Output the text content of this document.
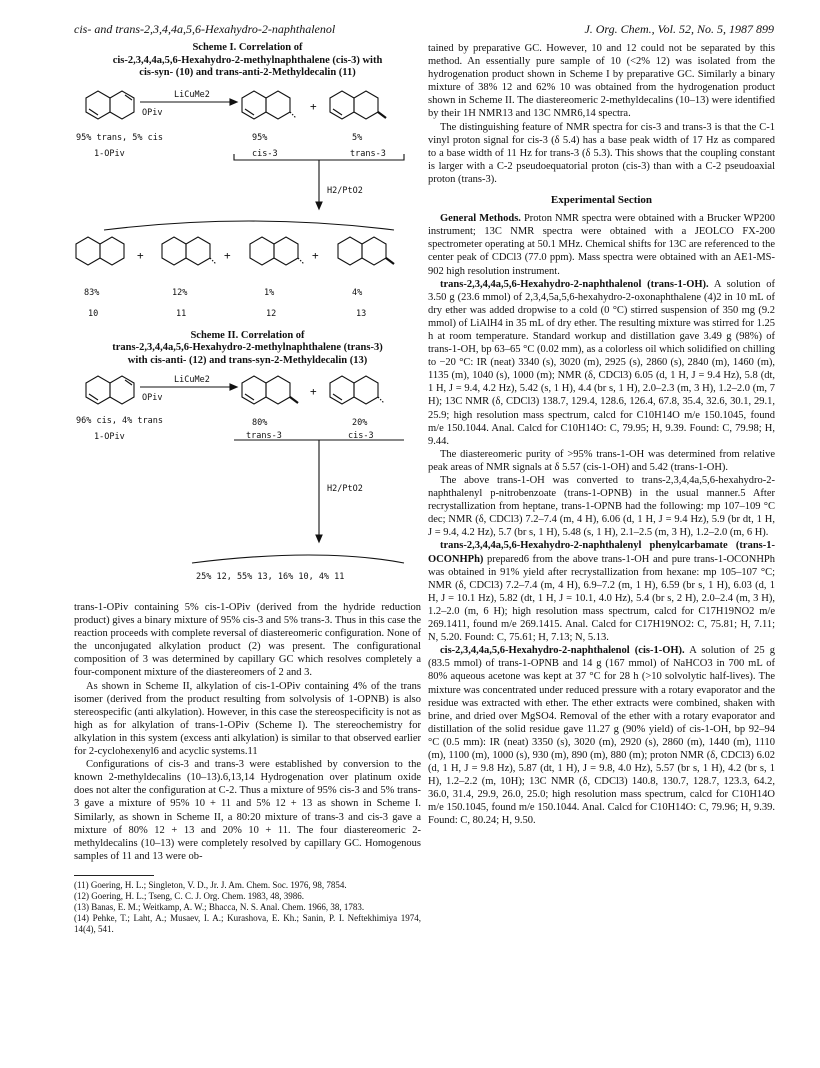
cis- and trans-2,3,4,4a,5,6-Hexahydro-2-naphthalenol	J. Org. Chem., Vol. 52, No. 5, 1987 899
Scheme I. Correlation of
cis-2,3,4,4a,5,6-Hexahydro-2-methylnaphthalene (cis-3) with
cis-syn- (10) and trans-anti-2-Methyldecalin (11)
LiCuMe2
OPiv	+
95% trans, 5% cis
1-OPiv
95%	5%
cis-3	trans-3
H2/PtO2
+	+	+
83%	12%	1%	4%
10	11	12	13
Scheme II. Correlation of
trans-2,3,4,4a,5,6-Hexahydro-2-methylnaphthalene (trans-3)
with cis-anti- (12) and trans-syn-2-Methyldecalin (13)
LiCuMe2
OPiv	+
96% cis, 4% trans
1-OPiv
80%	20%
trans-3	cis-3
H2/PtO2
25% 12, 55% 13, 16% 10, 4% 11

trans-1-OPiv containing 5% cis-1-OPiv (derived from the hydride reduction product) gives a binary mixture of 95% cis-3 and 5% trans-3. Thus in this case the reaction proceeds with complete reversal of diastereomeric configuration. None of the unconjugated alkylation product (2) was present. The configurational composition of 3 was determined by capillary GC which resolves completely a four-component mixture of the diastereomers of 2 and 3.

As shown in Scheme II, alkylation of cis-1-OPiv containing 4% of the trans isomer (derived from the product resulting from solvolysis of 1-OPNB) is also stereospecific (anti alkylation). However, in this case the stereospecificity is not as high as for alkylation of trans-1-OPiv (Scheme I). The stereochemistry for alkylation in this system (excess anti alkylation) is similar to that observed earlier for 2-cyclohexenyl6 and acyclic systems.11

Configurations of cis-3 and trans-3 were established by conversion to the known 2-methyldecalins (10–13).6,13,14 Hydrogenation over platinum oxide does not alter the configuration at C-2. Thus a mixture of 95% cis-3 and 5% trans-3 gave a mixture of 95% 10 + 11 and 5% 12 + 13 as shown in Scheme I. Similarly, as shown in Scheme II, a 80:20 mixture of trans-3 and cis-3 gave a mixture of 80% 12 + 13 and 20% 10 + 11. The four diastereomeric 2-methyldecalins (10–13) were completely resolved by capillary GC. Homogenous samples of 11 and 13 were ob-

(11) Goering, H. L.; Singleton, V. D., Jr. J. Am. Chem. Soc. 1976, 98, 7854.

(12) Goering, H. L.; Tseng, C. C. J. Org. Chem. 1983, 48, 3986.

(13) Banas, E. M.; Weitkamp, A. W.; Bhacca, N. S. Anal. Chem. 1966, 38, 1783.

(14) Pehke, T.; Laht, A.; Musaev, I. A.; Kurashova, E. Kh.; Sanin, P. I. Neftekhimiya 1974, 14(4), 541.

tained by preparative GC. However, 10 and 12 could not be separated by this method. An essentially pure sample of 10 (<2% 12) was isolated from the hydrogenation product shown in Scheme I by preparative GC. Similarly a binary mixture of 38% 12 and 62% 10 was obtained from the hydrogenation product shown in Scheme II. The diastereomeric 2-methyldecalins (10–13) were identified by their 1H NMR13 and 13C NMR6,14 spectra.

The distinguishing feature of NMR spectra for cis-3 and trans-3 is that the C-1 vinyl proton signal for cis-3 (δ 5.4) has a base peak width of 17 Hz as compared to a base width of 11 Hz for trans-3 (δ 5.3). This shows that the coupling constant is larger with a C-2 pseudoequatorial proton (cis-3) than with a C-2 pseudoaxial proton (trans-3).

Experimental Section

General Methods. Proton NMR spectra were obtained with a Brucker WP200 instrument; 13C NMR spectra were obtained with a JEOLCO FX-200 spectrometer operating at 50.1 MHz. Chemical shifts for 13C are referenced to the center peak of CDCl3 (77.0 ppm). Mass spectra were obtained with an AE1-MS-902 high resolution instrument.

trans-2,3,4,4a,5,6-Hexahydro-2-naphthalenol (trans-1-OH). A solution of 3.50 g (23.6 mmol) of 2,3,4,5a,5,6-hexahydro-2-oxonaphthalene (4)2 in 10 mL of dry ether was added dropwise to a cold (0 °C) stirred suspension of 350 mg (9.2 mmol) of LiAlH4 in 35 mL of dry ether. The resulting mixture was stirred for 1.25 h at room temperature. Standard workup and distillation gave 3.49 g (98%) of trans-1-OH, bp 63–65 °C (0.02 mm), as a colorless oil which solidified on chilling to −20 °C: IR (neat) 3340 (s), 3020 (m), 2925 (s), 2860 (s), 2840 (m), 1460 (m), 1135 (m), 1040 (s), 1000 (m); NMR (δ, CDCl3) 6.05 (d, 1 H, J = 9.4 Hz), 5.8 (dt, 1 H, J = 9.4, 4.2 Hz), 5.42 (s, 1 H), 4.4 (br s, 1 H), 2.0–2.3 (m, 3 H), 1.2–2.0 (m, 7 H); 13C NMR (δ, CDCl3) 138.7, 129.4, 128.6, 126.4, 67.8, 35.4, 32.6, 30.1, 29.1, 25.9; high resolution mass spectrum, calcd for C10H14O m/e 150.1045, found m/e 150.1044. Anal. Calcd for C10H14O: C, 79.95; H, 9.39. Found: C, 79.98; H, 9.44.

The diastereomeric purity of >95% trans-1-OH was determined from relative peak areas of NMR signals at δ 5.57 (cis-1-OH) and 5.42 (trans-1-OH).

The above trans-1-OH was converted to trans-2,3,4,4a,5,6-hexahydro-2-naphthalenyl p-nitrobenzoate (trans-1-OPNB) in the usual manner.5 After recrystallization from heptane, trans-1-OPNB had the following: mp 107–109 °C dec; NMR (δ, CDCl3) 7.2–7.4 (m, 4 H), 6.06 (d, 1 H, J = 9.4 Hz), 5.9 (br dt, 1 H, J = 9.4, 4.2 Hz), 5.7 (br s, 1 H), 5.48 (s, 1 H), 2.1–2.5 (m, 3 H), 1.2–2.0 (m, 6 H).

trans-2,3,4,4a,5,6-Hexahydro-2-naphthalenyl phenylcarbamate (trans-1-OCONHPh) prepared6 from the above trans-1-OH and pure trans-1-OCONHPh was obtained in 91% yield after recrystallization from hexane: mp 105–107 °C; NMR (δ, CDCl3) 7.2–7.4 (m, 4 H), 6.9–7.2 (m, 1 H), 6.59 (br s, 1 H), 6.03 (d, 1 H, J = 10.1 Hz), 5.82 (dt, 1 H, J = 10.1, 4.0 Hz), 5.4 (br s, 2 H), 2.0–2.4 (m, 3 H), 1.2–2.0 (m, 6 H); high resolution mass spectrum, calcd for C17H19NO2 m/e 269.1411, found m/e 269.1415. Anal. Calcd for C17H19NO2: C, 75.81; H, 7.11; N, 5.20. Found: C, 75.61; H, 7.13; N, 5.13.

cis-2,3,4,4a,5,6-Hexahydro-2-naphthalenol (cis-1-OH). A solution of 25 g (83.5 mmol) of trans-1-OPNB and 14 g (167 mmol) of NaHCO3 in 700 mL of 80% aqueous acetone was kept at 37 °C for 28 h (>10 solvolytic half-lives). The mixture was concentrated under reduced pressure with a rotary evaporator and the residue was extracted with ether. The ether extracts were combined, shaken with brine, and dried over MgSO4. Removal of the ether with a rotary evaporator and distillation of the solid residue gave 11.27 g (90% yield) of cis-1-OH, bp 92–94 °C (0.5 mm): IR (neat) 3350 (s), 3020 (m), 2920 (s), 2860 (m), 1440 (m), 1110 (m), 1100 (m), 1000 (s), 930 (m), 890 (m), 880 (m); proton NMR (δ, CDCl3) 6.02 (d, 1 H, J = 9.8 Hz), 5.87 (dt, 1 H), J = 9.8, 4.0 Hz), 5.57 (br s, 1 H), 4.2 (br s, 1 H), 1.2–2.2 (m, 10H); 13C NMR (δ, CDCl3) 140.8, 130.7, 128.7, 123.3, 64.2, 36.0, 31.4, 29.9, 26.0, 25.0; high resolution mass spectrum, calcd for C10H14O m/e 150.1045, found m/e 150.1044. Anal. Calcd for C10H14O: C, 79.96; H, 9.39. Found: C, 80.24; H, 9.50.
